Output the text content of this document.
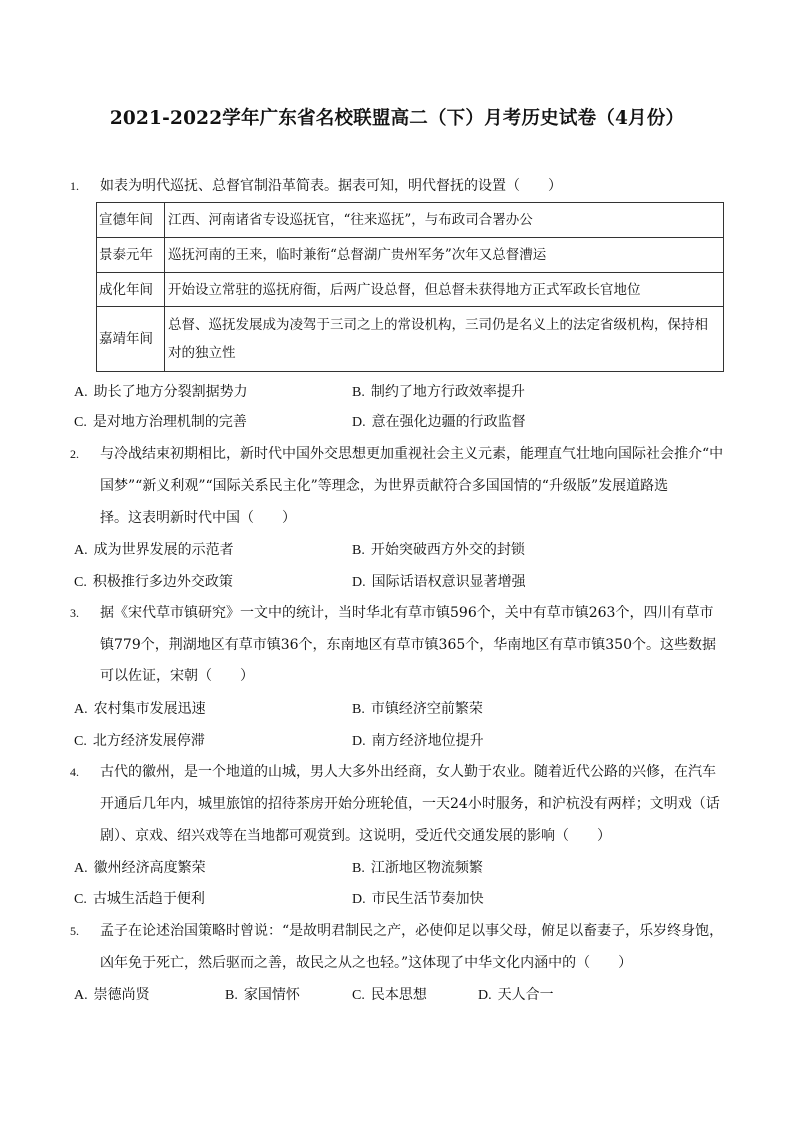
2021-2022学年广东省名校联盟高二（下）月考历史试卷（4月份）
1. 如表为明代巡抚、总督官制沿革简表。据表可知，明代督抚的设置（　　）
宣德年间	江西、河南诸省专设巡抚官，“往来巡抚”，与布政司合署办公
景泰元年	巡抚河南的王来，临时兼衔“总督湖广贵州军务”次年又总督漕运
成化年间	开始设立常驻的巡抚府衙，后两广设总督，但总督未获得地方正式军政长官地位
嘉靖年间	总督、巡抚发展成为凌驾于三司之上的常设机构，三司仍是名义上的法定省级机构，保持相对的独立性
A. 助长了地方分裂割据势力	B. 制约了地方行政效率提升
C. 是对地方治理机制的完善	D. 意在强化边疆的行政监督
2. 与冷战结束初期相比，新时代中国外交思想更加重视社会主义元素，能理直气壮地向国际社会推介“中
国梦”“新义利观”“国际关系民主化”等理念，为世界贡献符合多国国情的“升级版”发展道路选
择。这表明新时代中国（　　）
A. 成为世界发展的示范者	B. 开始突破西方外交的封锁
C. 积极推行多边外交政策	D. 国际话语权意识显著增强
3. 据《宋代草市镇研究》一文中的统计，当时华北有草市镇596个，关中有草市镇263个，四川有草市
镇779个，荆湖地区有草市镇36个，东南地区有草市镇365个，华南地区有草市镇350个。这些数据
可以佐证，宋朝（　　）
A. 农村集市发展迅速	B. 市镇经济空前繁荣
C. 北方经济发展停滞	D. 南方经济地位提升
4. 古代的徽州，是一个地道的山城，男人大多外出经商，女人勤于农业。随着近代公路的兴修，在汽车
开通后几年内，城里旅馆的招待茶房开始分班轮值，一天24小时服务，和沪杭没有两样；文明戏（话
剧）、京戏、绍兴戏等在当地都可观赏到。这说明，受近代交通发展的影响（　　）
A. 徽州经济高度繁荣	B. 江浙地区物流频繁
C. 古城生活趋于便利	D. 市民生活节奏加快
5. 孟子在论述治国策略时曾说：“是故明君制民之产，必使仰足以事父母，俯足以畜妻子，乐岁终身饱，
凶年免于死亡，然后驱而之善，故民之从之也轻。”这体现了中华文化内涵中的（　　）
A. 崇德尚贤	B. 家国情怀	C. 民本思想	D. 天人合一
